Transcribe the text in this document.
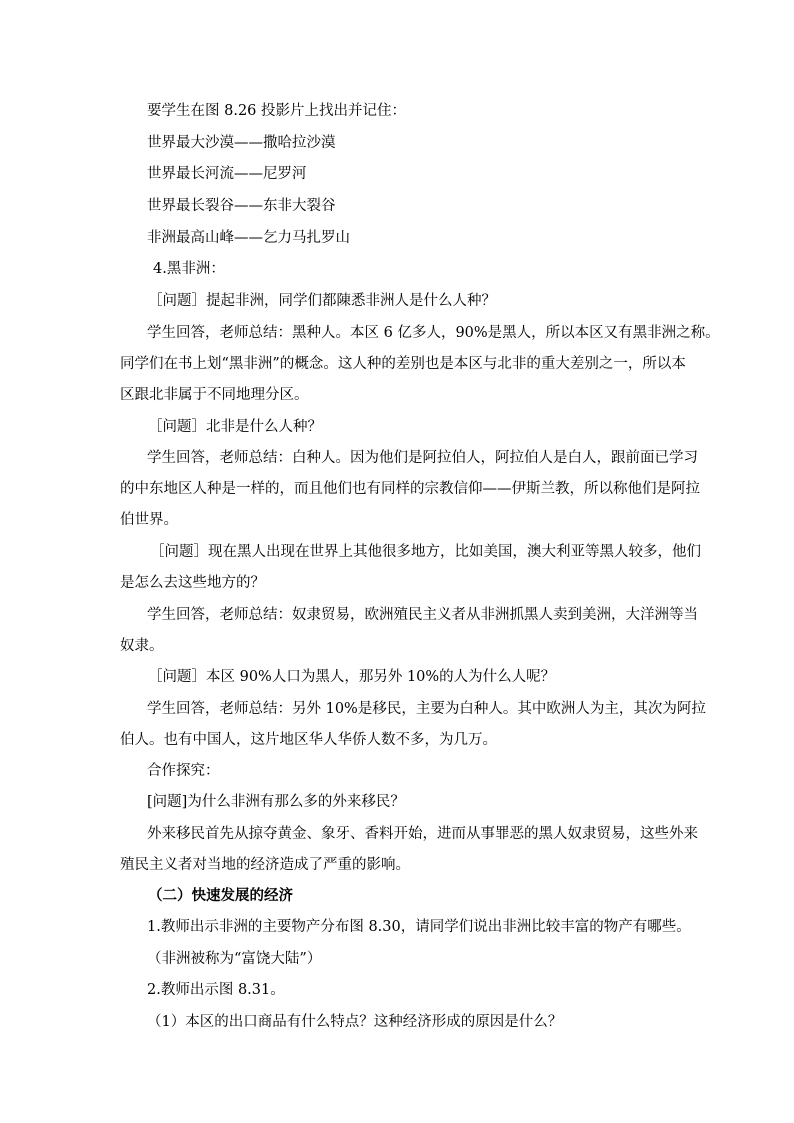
要学生在图 8.26 投影片上找出并记住：
世界最大沙漠——撒哈拉沙漠
世界最长河流——尼罗河
世界最长裂谷——东非大裂谷
非洲最高山峰——乞力马扎罗山
4.黑非洲：
［问题］提起非洲，同学们都陳悉非洲人是什么人种？
学生回答，老师总结：黑种人。本区 6 亿多人，90%是黑人，所以本区又有黑非洲之称。
同学们在书上划“黑非洲”的概念。这人种的差别也是本区与北非的重大差别之一，所以本
区跟北非属于不同地理分区。
［问题］北非是什么人种？
学生回答，老师总结：白种人。因为他们是阿拉伯人，阿拉伯人是白人，跟前面已学习
的中东地区人种是一样的，而且他们也有同样的宗教信仰——伊斯兰教，所以称他们是阿拉
伯世界。
［问题］现在黑人出现在世界上其他很多地方，比如美国，澳大利亚等黑人较多，他们
是怎么去这些地方的？
学生回答，老师总结：奴隶贸易，欧洲殖民主义者从非洲抓黑人卖到美洲，大洋洲等当
奴隶。
［问题］本区 90%人口为黑人，那另外 10%的人为什么人呢？
学生回答，老师总结：另外 10%是移民，主要为白种人。其中欧洲人为主，其次为阿拉
伯人。也有中国人，这片地区华人华侨人数不多，为几万。
合作探究：
[问题]为什么非洲有那么多的外来移民？
外来移民首先从掠夺黄金、象牙、香料开始，进而从事罪恶的黑人奴隶贸易，这些外来
殖民主义者对当地的经济造成了严重的影响。
（二）快速发展的经济
1.教师出示非洲的主要物产分布图 8.30，请同学们说出非洲比较丰富的物产有哪些。
（非洲被称为“富饶大陆”）
2.教师出示图 8.31。
（1）本区的出口商品有什么特点？这种经济形成的原因是什么？
